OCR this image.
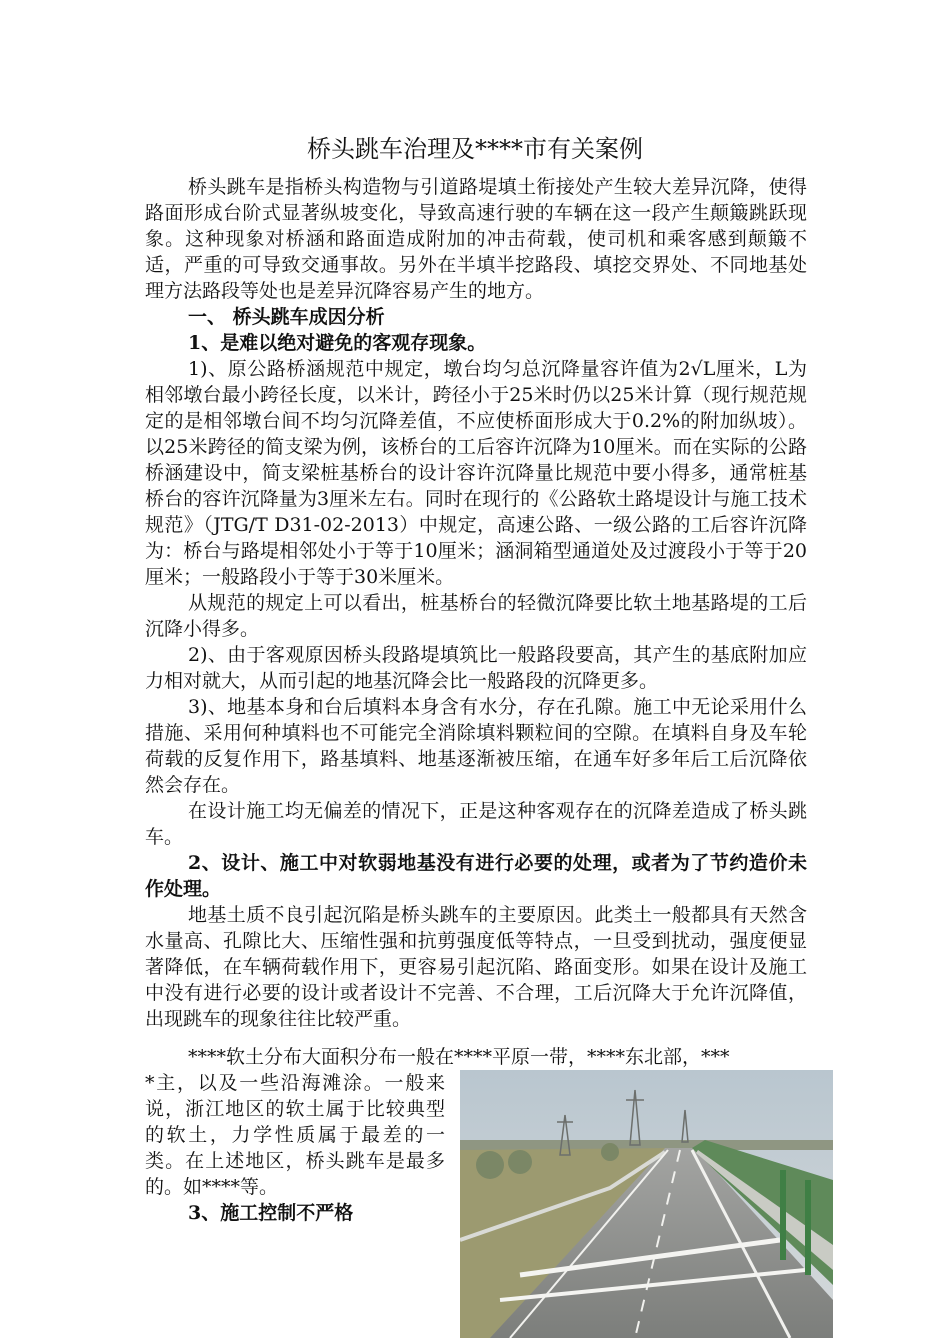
桥头跳车治理及****市有关案例

桥头跳车是指桥头构造物与引道路堤填土衔接处产生较大差异沉降，使得路面形成台阶式显著纵坡变化，导致高速行驶的车辆在这一段产生颠簸跳跃现象。这种现象对桥涵和路面造成附加的冲击荷载，使司机和乘客感到颠簸不适，严重的可导致交通事故。另外在半填半挖路段、填挖交界处、不同地基处理方法路段等处也是差异沉降容易产生的地方。

一、 桥头跳车成因分析

1、是难以绝对避免的客观存现象。

1)、原公路桥涵规范中规定，墩台均匀总沉降量容许值为2√L厘米，L为相邻墩台最小跨径长度，以米计，跨径小于25米时仍以25米计算（现行规范规定的是相邻墩台间不均匀沉降差值，不应使桥面形成大于0.2%的附加纵坡）。以25米跨径的简支梁为例，该桥台的工后容许沉降为10厘米。而在实际的公路桥涵建设中，简支梁桩基桥台的设计容许沉降量比规范中要小得多，通常桩基桥台的容许沉降量为3厘米左右。同时在现行的《公路软土路堤设计与施工技术规范》（JTG/T D31-02-2013）中规定，高速公路、一级公路的工后容许沉降为：桥台与路堤相邻处小于等于10厘米；涵洞箱型通道处及过渡段小于等于20厘米；一般路段小于等于30米厘米。

从规范的规定上可以看出，桩基桥台的轻微沉降要比软土地基路堤的工后沉降小得多。

2)、由于客观原因桥头段路堤填筑比一般路段要高，其产生的基底附加应力相对就大，从而引起的地基沉降会比一般路段的沉降更多。

3)、地基本身和台后填料本身含有水分，存在孔隙。施工中无论采用什么措施、采用何种填料也不可能完全消除填料颗粒间的空隙。在填料自身及车轮荷载的反复作用下，路基填料、地基逐渐被压缩，在通车好多年后工后沉降依然会存在。

在设计施工均无偏差的情况下，正是这种客观存在的沉降差造成了桥头跳车。

2、设计、施工中对软弱地基没有进行必要的处理，或者为了节约造价未作处理。

地基土质不良引起沉陷是桥头跳车的主要原因。此类土一般都具有天然含水量高、孔隙比大、压缩性强和抗剪强度低等特点，一旦受到扰动，强度便显著降低，在车辆荷载作用下，更容易引起沉陷、路面变形。如果在设计及施工中没有进行必要的设计或者设计不完善、不合理，工后沉降大于允许沉降值，出现跳车的现象往往比较严重。

****软土分布大面积分布一般在****平原一带，****东北部，***

*主，以及一些沿海滩涂。一般来说，浙江地区的软土属于比较典型的软土，力学性质属于最差的一类。在上述地区，桥头跳车是最多的。如****等。

3、施工控制不严格
